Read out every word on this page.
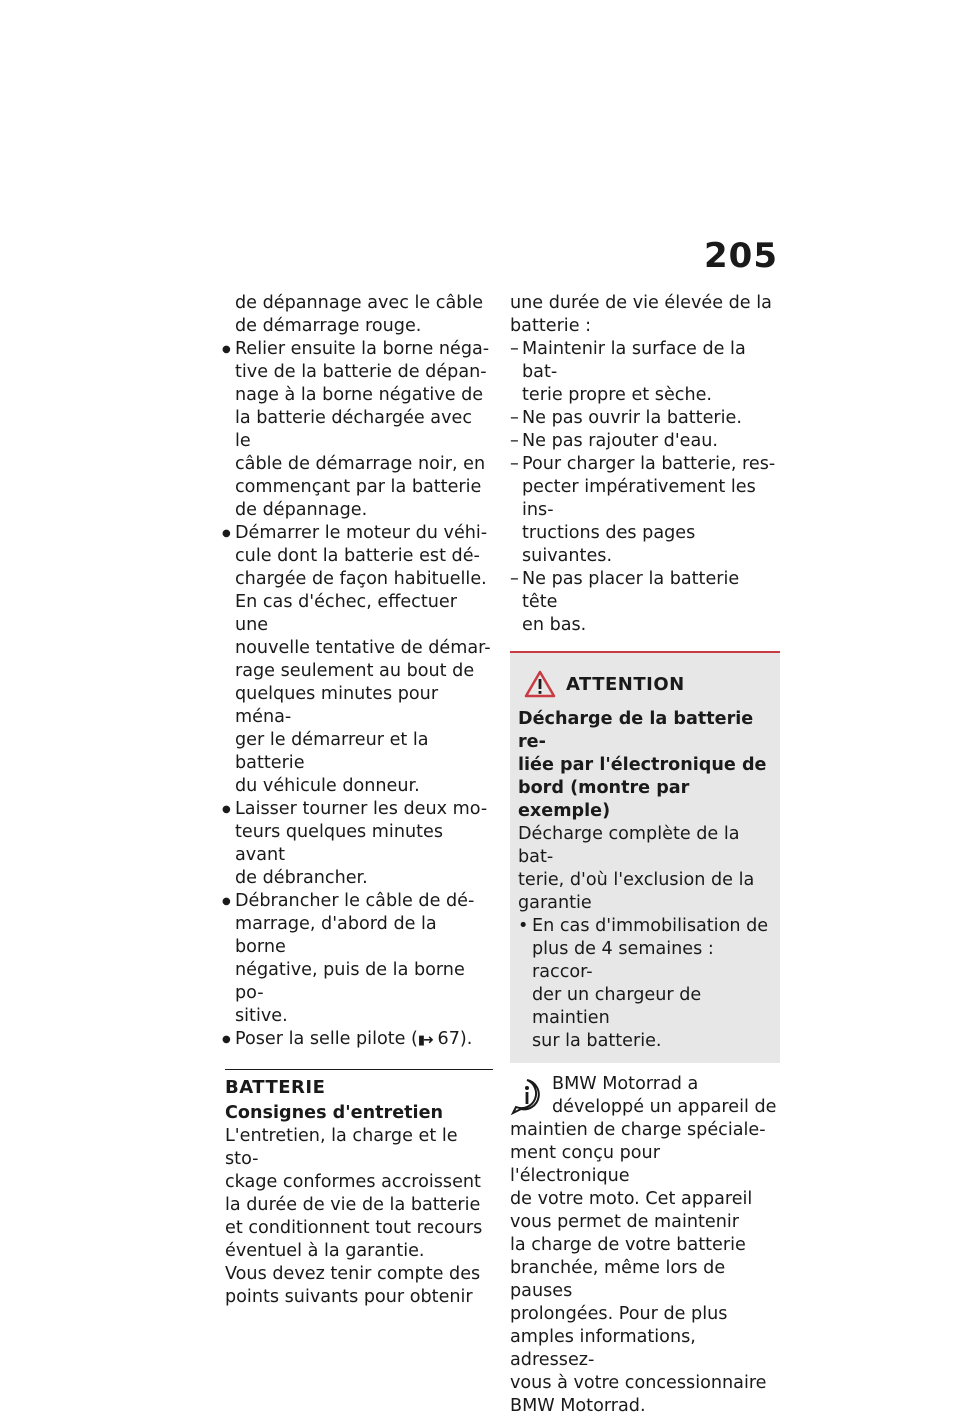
205
de dépannage avec le câble
de démarrage rouge.
● Relier ensuite la borne néga-
tive de la batterie de dépan-
nage à la borne négative de
la batterie déchargée avec le
câble de démarrage noir, en
commençant par la batterie
de dépannage.
● Démarrer le moteur du véhi-
cule dont la batterie est dé-
chargée de façon habituelle.
En cas d'échec, effectuer une
nouvelle tentative de démar-
rage seulement au bout de
quelques minutes pour ména-
ger le démarreur et la batterie
du véhicule donneur.
● Laisser tourner les deux mo-
teurs quelques minutes avant
de débrancher.
● Débrancher le câble de dé-
marrage, d'abord de la borne
négative, puis de la borne po-
sitive.
● Poser la selle pilote (▮➜ 67).
BATTERIE
Consignes d'entretien
L'entretien, la charge et le sto-
ckage conformes accroissent
la durée de vie de la batterie
et conditionnent tout recours
éventuel à la garantie.
Vous devez tenir compte des
points suivants pour obtenir
une durée de vie élevée de la
batterie :
– Maintenir la surface de la bat-
terie propre et sèche.
– Ne pas ouvrir la batterie.
– Ne pas rajouter d'eau.
– Pour charger la batterie, res-
pecter impérativement les ins-
tructions des pages suivantes.
– Ne pas placer la batterie tête
en bas.
ATTENTION
Décharge de la batterie re-
liée par l'électronique de
bord (montre par exemple)
Décharge complète de la bat-
terie, d'où l'exclusion de la
garantie
• En cas d'immobilisation de
plus de 4 semaines : raccor-
der un chargeur de maintien
sur la batterie.
BMW Motorrad a
développé un appareil de
maintien de charge spéciale-
ment conçu pour l'électronique
de votre moto. Cet appareil
vous permet de maintenir
la charge de votre batterie
branchée, même lors de pauses
prolongées. Pour de plus
amples informations, adressez-
vous à votre concessionnaire
BMW Motorrad.
